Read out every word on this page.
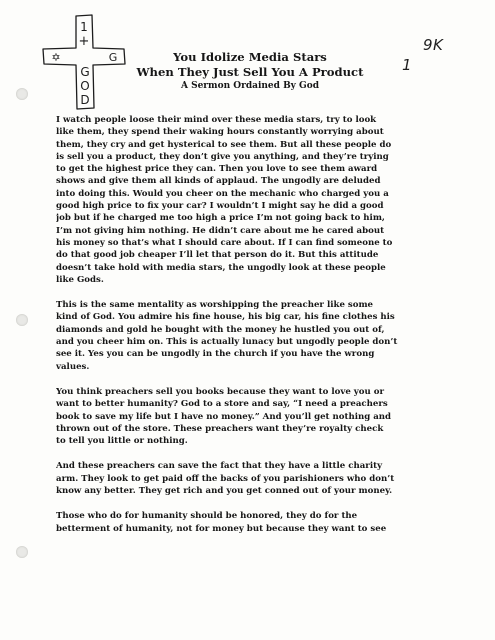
1
+
✡	G
G
O
D
9K
1
You Idolize Media Stars
When They Just Sell You A Product
A Sermon Ordained By God
I watch people loose their mind over these media stars, try to look
like them, they spend their waking hours constantly worrying about
them, they cry and get hysterical to see them. But all these people do
is sell you a product, they don’t give you anything, and they’re trying
to get the highest price they can. Then you love to see them award
shows and give them all kinds of applaud. The ungodly are deluded
into doing this. Would you cheer on the mechanic who charged you a
good high price to fix your car? I wouldn’t I might say he did a good
job but if he charged me too high a price I’m not going back to him,
I’m not giving him nothing. He didn’t care about me he cared about
his money so that’s what I should care about. If I can find someone to
do that good job cheaper I’ll let that person do it. But this attitude
doesn’t take hold with media stars, the ungodly look at these people
like Gods.
This is the same mentality as worshipping the preacher like some
kind of God. You admire his fine house, his big car, his fine clothes his
diamonds and gold he bought with the money he hustled you out of,
and you cheer him on. This is actually lunacy but ungodly people don’t
see it. Yes you can be ungodly in the church if you have the wrong
values.
You think preachers sell you books because they want to love you or
want to better humanity? God to a store and say, “I need a preachers
book to save my life but I have no money.” And you’ll get nothing and
thrown out of the store. These preachers want they’re royalty check
to tell you little or nothing.
And these preachers can save the fact that they have a little charity
arm. They look to get paid off the backs of you parishioners who don’t
know any better. They get rich and you get conned out of your money.
Those who do for humanity should be honored, they do for the
betterment of humanity, not for money but because they want to see
